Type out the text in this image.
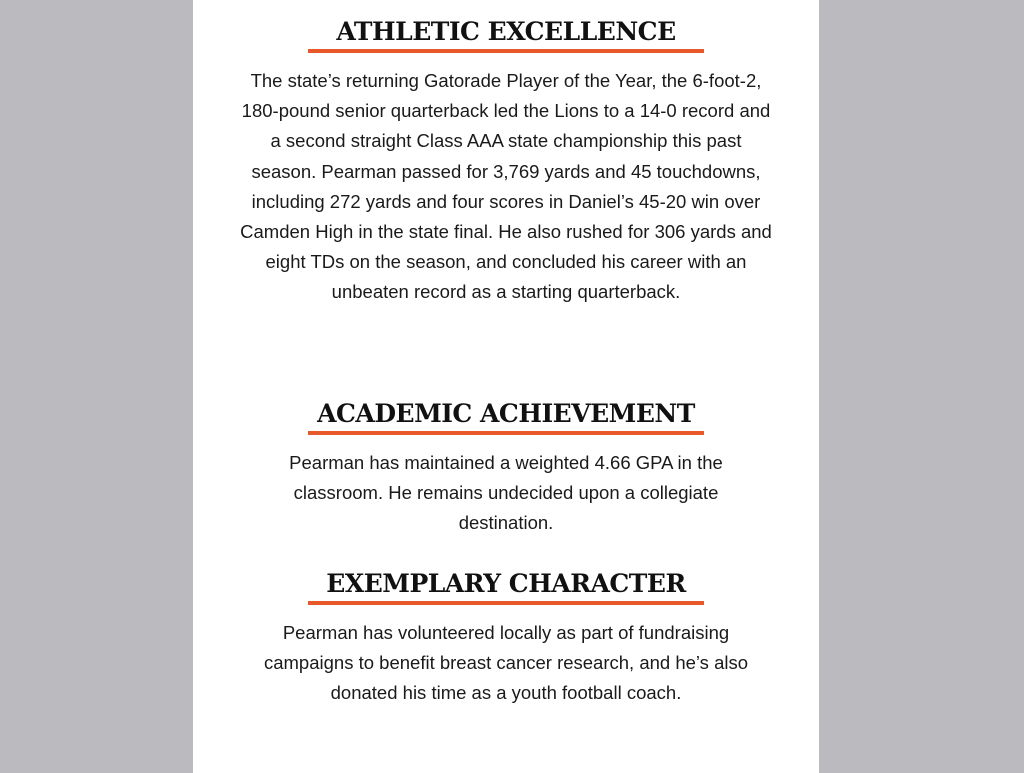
ATHLETIC EXCELLENCE
The state’s returning Gatorade Player of the Year, the 6-foot-2, 180-pound senior quarterback led the Lions to a 14-0 record and a second straight Class AAA state championship this past season. Pearman passed for 3,769 yards and 45 touchdowns, including 272 yards and four scores in Daniel’s 45-20 win over Camden High in the state final. He also rushed for 306 yards and eight TDs on the season, and concluded his career with an unbeaten record as a starting quarterback.
ACADEMIC ACHIEVEMENT
Pearman has maintained a weighted 4.66 GPA in the classroom. He remains undecided upon a collegiate destination.
EXEMPLARY CHARACTER
Pearman has volunteered locally as part of fundraising campaigns to benefit breast cancer research, and he’s also donated his time as a youth football coach.
